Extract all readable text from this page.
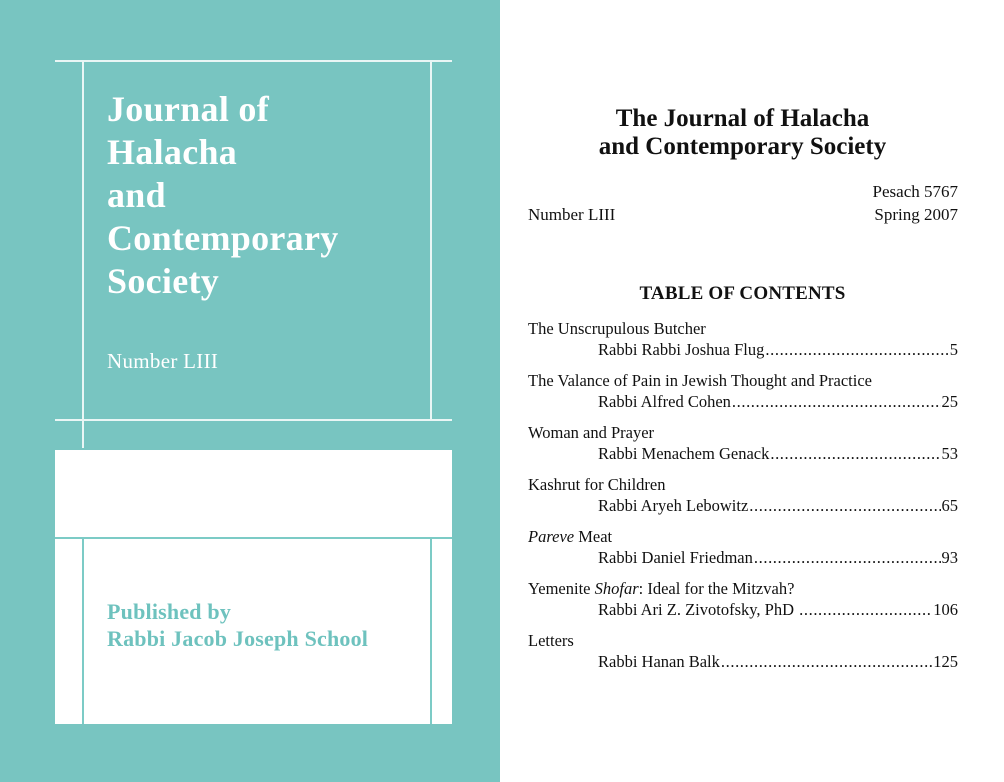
Journal of
Halacha
and
Contemporary
Society
Number LIII
Published by
Rabbi Jacob Joseph School
The Journal of Halacha
and Contemporary Society
Pesach 5767
Number LIII	Spring 2007
TABLE OF CONTENTS
The Unscrupulous Butcher
Rabbi Rabbi Joshua Flug .....	5
The Valance of Pain in Jewish Thought and Practice
Rabbi Alfred Cohen .....	25
Woman and Prayer
Rabbi Menachem Genack .....	53
Kashrut for Children
Rabbi Aryeh Lebowitz .....	65
Pareve Meat
Rabbi Daniel Friedman .....	93
Yemenite Shofar: Ideal for the Mitzvah?
Rabbi Ari Z. Zivotofsky, PhD .....	106
Letters
Rabbi Hanan Balk .....	125
